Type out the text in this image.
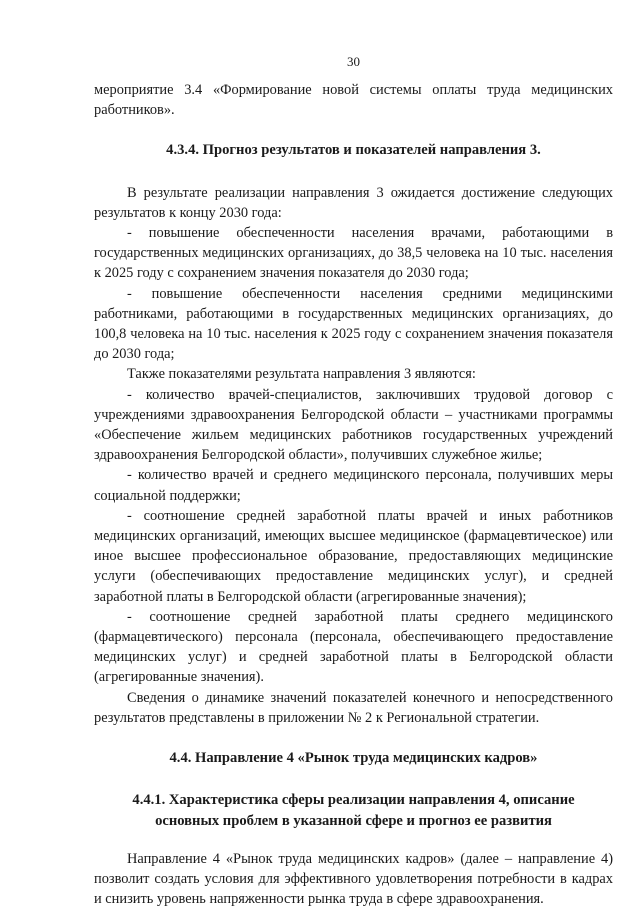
30

мероприятие 3.4 «Формирование новой системы оплаты труда медицинских работников».

4.3.4. Прогноз результатов и показателей направления 3.

В результате реализации направления 3 ожидается достижение следующих результатов к концу 2030 года:

- повышение обеспеченности населения врачами, работающими в государственных медицинских организациях, до 38,5 человека на 10 тыс. населения к 2025 году с сохранением значения показателя до 2030 года;

- повышение обеспеченности населения средними медицинскими работниками, работающими в государственных медицинских организациях, до 100,8 человека на 10 тыс. населения к 2025 году с сохранением значения показателя до 2030 года;

Также показателями результата направления 3 являются:

- количество врачей-специалистов, заключивших трудовой договор с учреждениями здравоохранения Белгородской области – участниками программы «Обеспечение жильем медицинских работников государственных учреждений здравоохранения Белгородской области», получивших служебное жилье;

- количество врачей и среднего медицинского персонала, получивших меры социальной поддержки;

- соотношение средней заработной платы врачей и иных работников медицинских организаций, имеющих высшее медицинское (фармацевтическое) или иное высшее профессиональное образование, предоставляющих медицинские услуги (обеспечивающих предоставление медицинских услуг), и средней заработной платы в Белгородской области (агрегированные значения);

- соотношение средней заработной платы среднего медицинского (фармацевтического) персонала (персонала, обеспечивающего предоставление медицинских услуг) и средней заработной платы в Белгородской области (агрегированные значения).

Сведения о динамике значений показателей конечного и непосредственного результатов представлены в приложении № 2 к Региональной стратегии.

4.4. Направление 4 «Рынок труда медицинских кадров»
4.4.1. Характеристика сферы реализации направления 4, описание
основных проблем в указанной сфере и прогноз ее развития

Направление 4 «Рынок труда медицинских кадров» (далее – направление 4) позволит создать условия для эффективного удовлетворения потребности в кадрах и снизить уровень напряженности рынка труда в сфере здравоохранения.
